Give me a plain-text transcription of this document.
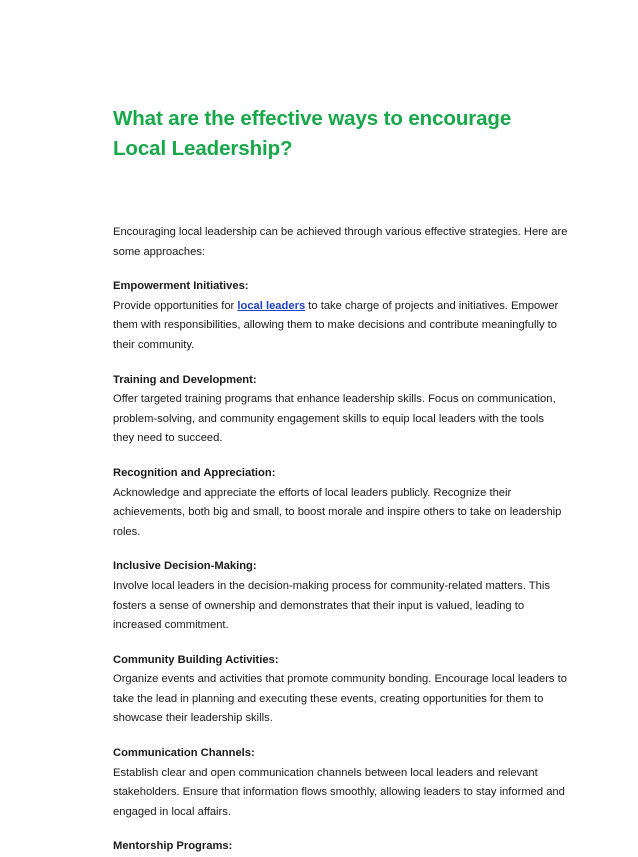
What are the effective ways to encourage Local Leadership?

Encouraging local leadership can be achieved through various effective strategies. Here are some approaches:

Empowerment Initiatives:

Provide opportunities for local leaders to take charge of projects and initiatives. Empower them with responsibilities, allowing them to make decisions and contribute meaningfully to their community.

Training and Development:

Offer targeted training programs that enhance leadership skills. Focus on communication, problem-solving, and community engagement skills to equip local leaders with the tools they need to succeed.

Recognition and Appreciation:

Acknowledge and appreciate the efforts of local leaders publicly. Recognize their achievements, both big and small, to boost morale and inspire others to take on leadership roles.

Inclusive Decision-Making:

Involve local leaders in the decision-making process for community-related matters. This fosters a sense of ownership and demonstrates that their input is valued, leading to increased commitment.

Community Building Activities:

Organize events and activities that promote community bonding. Encourage local leaders to take the lead in planning and executing these events, creating opportunities for them to showcase their leadership skills.

Communication Channels:

Establish clear and open communication channels between local leaders and relevant stakeholders. Ensure that information flows smoothly, allowing leaders to stay informed and engaged in local affairs.

Mentorship Programs:
